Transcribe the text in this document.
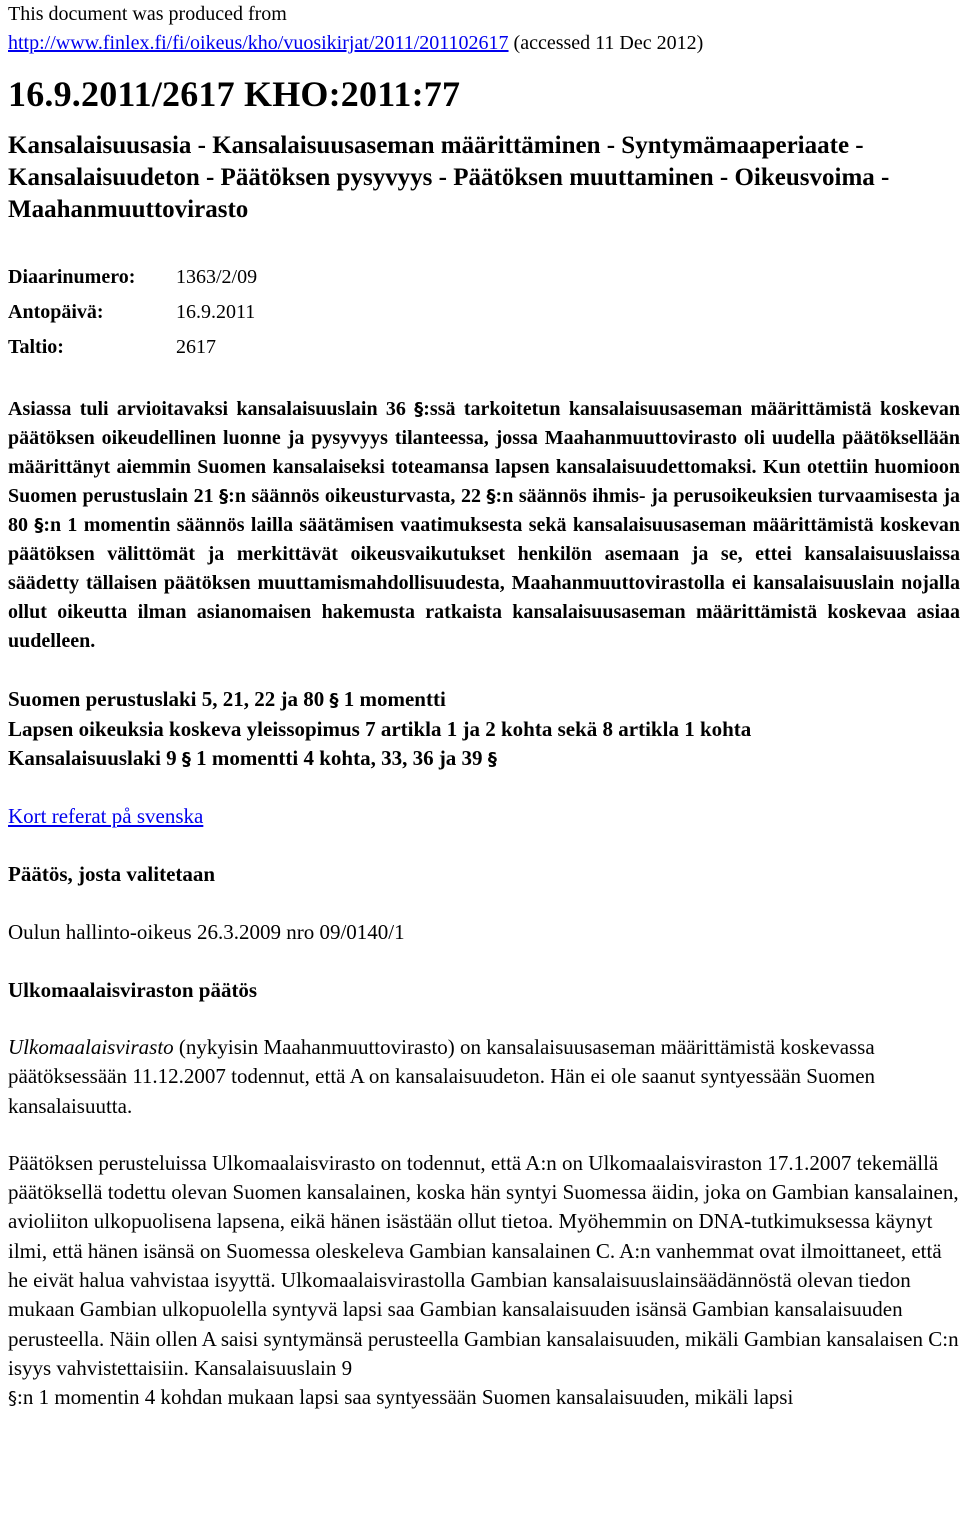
This document was produced from
http://www.finlex.fi/fi/oikeus/kho/vuosikirjat/2011/201102617 (accessed 11 Dec 2012)
16.9.2011/2617 KHO:2011:77
Kansalaisuusasia - Kansalaisuusaseman määrittäminen - Syntymämaaperiaate - Kansalaisuudeton - Päätöksen pysyvyys - Päätöksen muuttaminen - Oikeusvoima - Maahanmuuttovirasto
Diaarinumero:	1363/2/09
Antopäivä:	16.9.2011
Taltio:	2617
Asiassa tuli arvioitavaksi kansalaisuuslain 36 §:ssä tarkoitetun kansalaisuusaseman määrittämistä koskevan päätöksen oikeudellinen luonne ja pysyvyys tilanteessa, jossa Maahanmuuttovirasto oli uudella päätöksellään määrittänyt aiemmin Suomen kansalaiseksi toteamansa lapsen kansalaisuudettomaksi. Kun otettiin huomioon Suomen perustuslain 21 §:n säännös oikeusturvasta, 22 §:n säännös ihmis- ja perusoikeuksien turvaamisesta ja 80 §:n 1 momentin säännös lailla säätämisen vaatimuksesta sekä kansalaisuusaseman määrittämistä koskevan päätöksen välittömät ja merkittävät oikeusvaikutukset henkilön asemaan ja se, ettei kansalaisuuslaissa säädetty tällaisen päätöksen muuttamismahdollisuudesta, Maahanmuuttovirastolla ei kansalaisuuslain nojalla ollut oikeutta ilman asianomaisen hakemusta ratkaista kansalaisuusaseman määrittämistä koskevaa asiaa uudelleen.
Suomen perustuslaki 5, 21, 22 ja 80 § 1 momentti
Lapsen oikeuksia koskeva yleissopimus 7 artikla 1 ja 2 kohta sekä 8 artikla 1 kohta
Kansalaisuuslaki 9 § 1 momentti 4 kohta, 33, 36 ja 39 §
Kort referat på svenska
Päätös, josta valitetaan
Oulun hallinto-oikeus 26.3.2009 nro 09/0140/1
Ulkomaalaisviraston päätös
Ulkomaalaisvirasto (nykyisin Maahanmuuttovirasto) on kansalaisuusaseman määrittämistä koskevassa päätöksessään 11.12.2007 todennut, että A on kansalaisuudeton. Hän ei ole saanut syntyessään Suomen kansalaisuutta.
Päätöksen perusteluissa Ulkomaalaisvirasto on todennut, että A:n on Ulkomaalaisviraston 17.1.2007 tekemällä päätöksellä todettu olevan Suomen kansalainen, koska hän syntyi Suomessa äidin, joka on Gambian kansalainen, avioliiton ulkopuolisena lapsena, eikä hänen isästään ollut tietoa. Myöhemmin on DNA-tutkimuksessa käynyt ilmi, että hänen isänsä on Suomessa oleskeleva Gambian kansalainen C. A:n vanhemmat ovat ilmoittaneet, että he eivät halua vahvistaa isyyttä. Ulkomaalaisvirastolla Gambian kansalaisuuslainsäädännöstä olevan tiedon mukaan Gambian ulkopuolella syntyvä lapsi saa Gambian kansalaisuuden isänsä Gambian kansalaisuuden perusteella. Näin ollen A saisi syntymänsä perusteella Gambian kansalaisuuden, mikäli Gambian kansalaisen C:n isyys vahvistettaisiin. Kansalaisuuslain 9
§:n 1 momentin 4 kohdan mukaan lapsi saa syntyessään Suomen kansalaisuuden, mikäli lapsi
